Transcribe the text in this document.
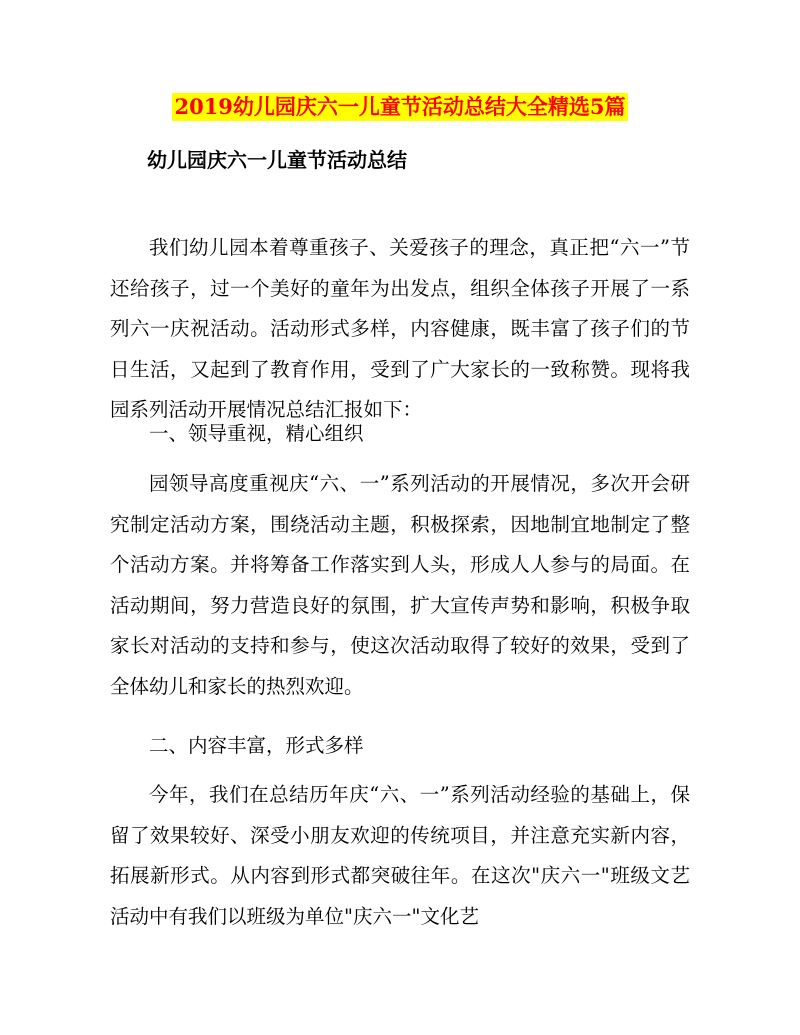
2019幼儿园庆六一儿童节活动总结大全精选5篇
幼儿园庆六一儿童节活动总结

我们幼儿园本着尊重孩子、关爱孩子的理念，真正把“六一”节还给孩子，过一个美好的童年为出发点，组织全体孩子开展了一系列六一庆祝活动。活动形式多样，内容健康，既丰富了孩子们的节日生活，又起到了教育作用，受到了广大家长的一致称赞。现将我园系列活动开展情况总结汇报如下：

一、领导重视，精心组织

园领导高度重视庆“六、一”系列活动的开展情况，多次开会研究制定活动方案，围绕活动主题，积极探索，因地制宜地制定了整个活动方案。并将筹备工作落实到人头，形成人人参与的局面。在活动期间，努力营造良好的氛围，扩大宣传声势和影响，积极争取家长对活动的支持和参与，使这次活动取得了较好的效果，受到了全体幼儿和家长的热烈欢迎。

二、内容丰富，形式多样

今年，我们在总结历年庆“六、一”系列活动经验的基础上，保留了效果较好、深受小朋友欢迎的传统项目，并注意充实新内容，拓展新形式。从内容到形式都突破往年。在这次"庆六一"班级文艺活动中有我们以班级为单位"庆六一"文化艺
